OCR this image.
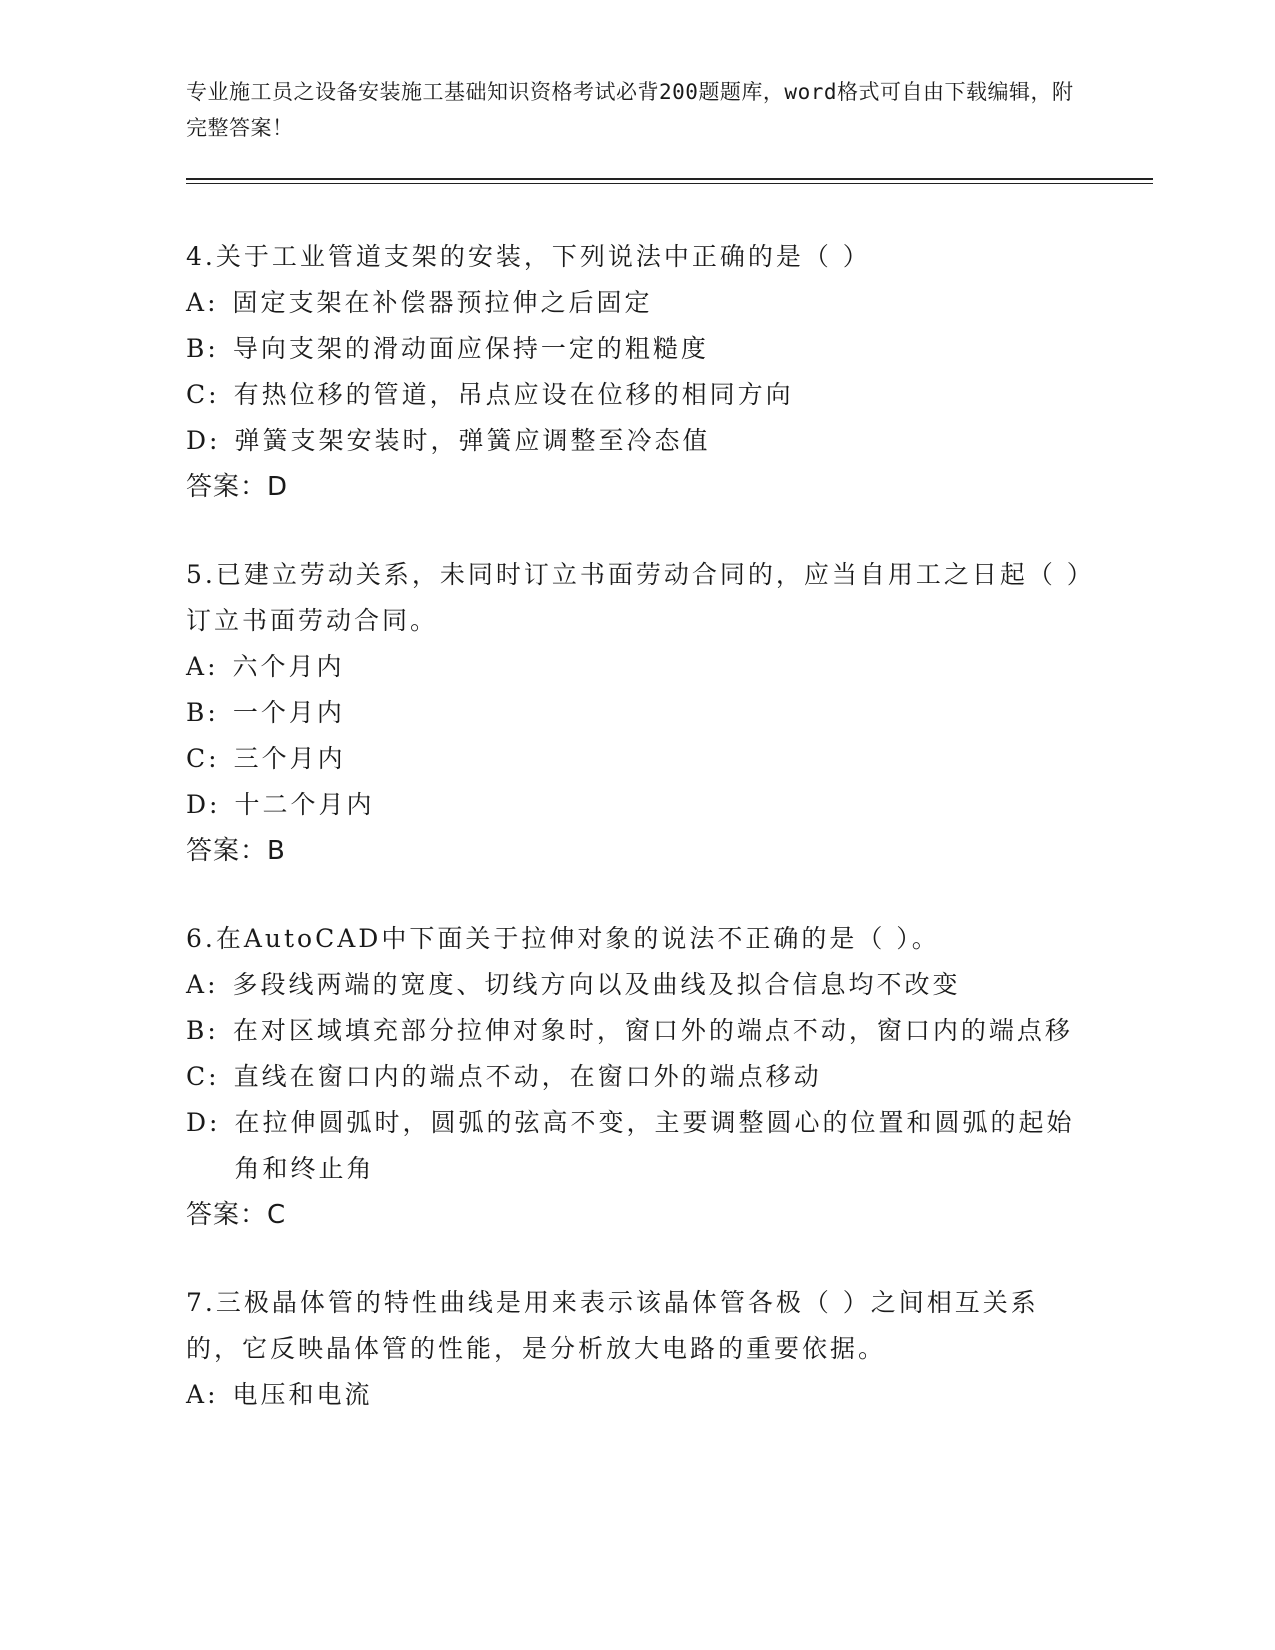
专业施工员之设备安装施工基础知识资格考试必背200题题库，word格式可自由下载编辑，附完整答案！
4.关于工业管道支架的安装，下列说法中正确的是（ ）
A : 固定支架在补偿器预拉伸之后固定
B : 导向支架的滑动面应保持一定的粗糙度
C : 有热位移的管道，吊点应设在位移的相同方向
D : 弹簧支架安装时，弹簧应调整至冷态值
答案：D
5.已建立劳动关系，未同时订立书面劳动合同的，应当自用工之日起（ ）订立书面劳动合同。
A : 六个月内
B : 一个月内
C : 三个月内
D : 十二个月内
答案：B
6.在AutoCAD中下面关于拉伸对象的说法不正确的是（ ）。
A : 多段线两端的宽度、切线方向以及曲线及拟合信息均不改变
B : 在对区域填充部分拉伸对象时，窗口外的端点不动，窗口内的端点移
C : 直线在窗口内的端点不动，在窗口外的端点移动
D : 在拉伸圆弧时，圆弧的弦高不变，主要调整圆心的位置和圆弧的起始角和终止角
答案：C
7.三极晶体管的特性曲线是用来表示该晶体管各极（ ）之间相互关系的，它反映晶体管的性能，是分析放大电路的重要依据。
A : 电压和电流
